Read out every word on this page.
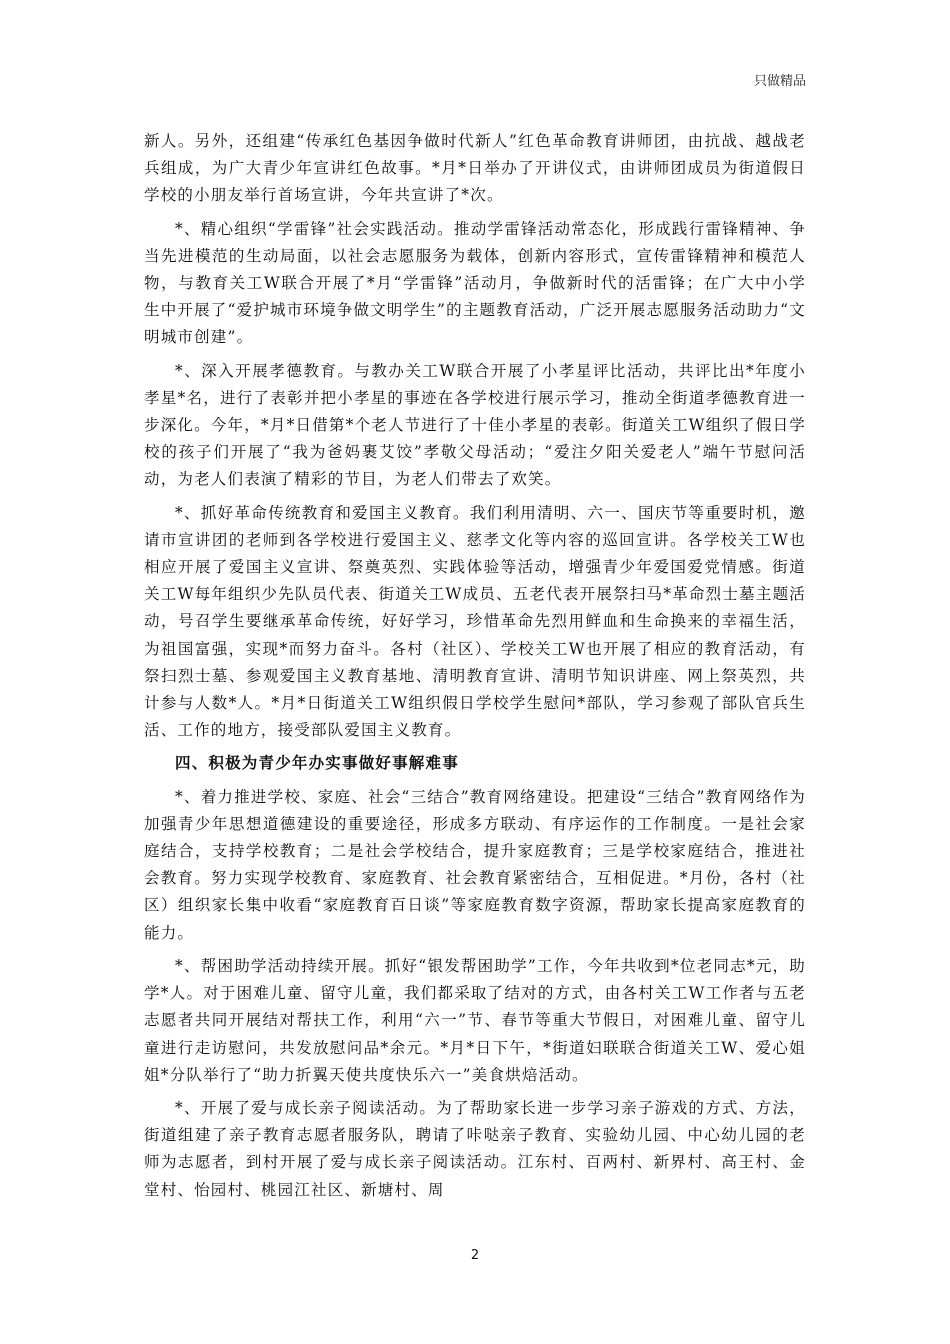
只做精品

新人。另外，还组建“传承红色基因争做时代新人”红色革命教育讲师团，由抗战、越战老兵组成，为广大青少年宣讲红色故事。*月*日举办了开讲仪式，由讲师团成员为街道假日学校的小朋友举行首场宣讲，今年共宣讲了*次。

*、精心组织“学雷锋”社会实践活动。推动学雷锋活动常态化，形成践行雷锋精神、争当先进模范的生动局面，以社会志愿服务为载体，创新内容形式，宣传雷锋精神和模范人物，与教育关工W联合开展了*月“学雷锋”活动月，争做新时代的活雷锋；在广大中小学生中开展了“爱护城市环境争做文明学生”的主题教育活动，广泛开展志愿服务活动助力“文明城市创建”。

*、深入开展孝德教育。与教办关工W联合开展了小孝星评比活动，共评比出*年度小孝星*名，进行了表彰并把小孝星的事迹在各学校进行展示学习，推动全街道孝德教育进一步深化。今年，*月*日借第*个老人节进行了十佳小孝星的表彰。街道关工W组织了假日学校的孩子们开展了“我为爸妈裹艾饺”孝敬父母活动；“爱注夕阳关爱老人”端午节慰问活动，为老人们表演了精彩的节目，为老人们带去了欢笑。

*、抓好革命传统教育和爱国主义教育。我们利用清明、六一、国庆节等重要时机，邀请市宣讲团的老师到各学校进行爱国主义、慈孝文化等内容的巡回宣讲。各学校关工W也相应开展了爱国主义宣讲、祭奠英烈、实践体验等活动，增强青少年爱国爱党情感。街道关工W每年组织少先队员代表、街道关工W成员、五老代表开展祭扫马*革命烈士墓主题活动，号召学生要继承革命传统，好好学习，珍惜革命先烈用鲜血和生命换来的幸福生活，为祖国富强，实现*而努力奋斗。各村（社区）、学校关工W也开展了相应的教育活动，有祭扫烈士墓、参观爱国主义教育基地、清明教育宣讲、清明节知识讲座、网上祭英烈，共计参与人数*人。*月*日街道关工W组织假日学校学生慰问*部队，学习参观了部队官兵生活、工作的地方，接受部队爱国主义教育。

四、积极为青少年办实事做好事解难事

*、着力推进学校、家庭、社会“三结合”教育网络建设。把建设“三结合”教育网络作为加强青少年思想道德建设的重要途径，形成多方联动、有序运作的工作制度。一是社会家庭结合，支持学校教育；二是社会学校结合，提升家庭教育；三是学校家庭结合，推进社会教育。努力实现学校教育、家庭教育、社会教育紧密结合，互相促进。*月份，各村（社区）组织家长集中收看“家庭教育百日谈”等家庭教育数字资源，帮助家长提高家庭教育的能力。

*、帮困助学活动持续开展。抓好“银发帮困助学”工作，今年共收到*位老同志*元，助学*人。对于困难儿童、留守儿童，我们都采取了结对的方式，由各村关工W工作者与五老志愿者共同开展结对帮扶工作，利用“六一”节、春节等重大节假日，对困难儿童、留守儿童进行走访慰问，共发放慰问品*余元。*月*日下午，*街道妇联联合街道关工W、爱心姐姐*分队举行了“助力折翼天使共度快乐六一”美食烘焙活动。

*、开展了爱与成长亲子阅读活动。为了帮助家长进一步学习亲子游戏的方式、方法，街道组建了亲子教育志愿者服务队，聘请了咔哒亲子教育、实验幼儿园、中心幼儿园的老师为志愿者，到村开展了爱与成长亲子阅读活动。江东村、百两村、新界村、高王村、金堂村、怡园村、桃园江社区、新塘村、周

2
